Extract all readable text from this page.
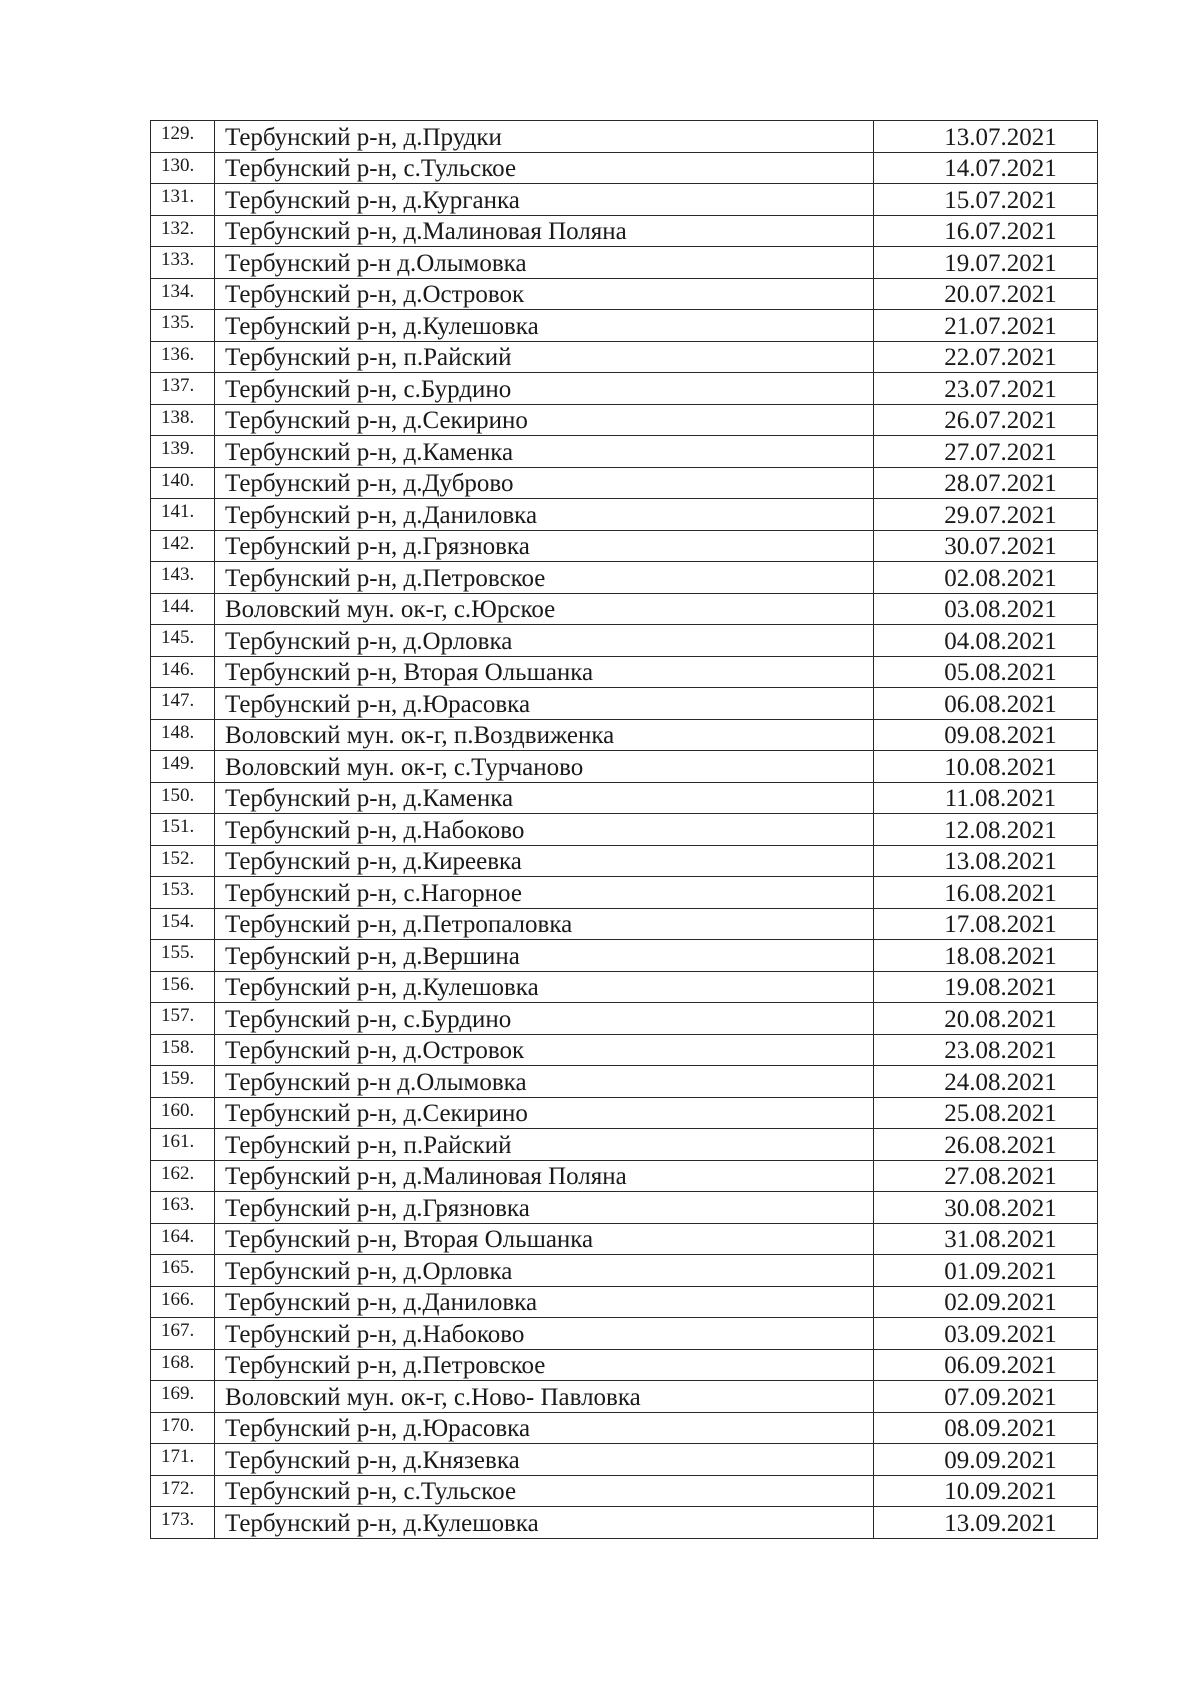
129.	Тербунский р-н, д.Прудки	13.07.2021
130.	Тербунский р-н, с.Тульское	14.07.2021
131.	Тербунский р-н, д.Курганка	15.07.2021
132.	Тербунский р-н, д.Малиновая Поляна	16.07.2021
133.	Тербунский р-н д.Олымовка	19.07.2021
134.	Тербунский р-н, д.Островок	20.07.2021
135.	Тербунский р-н, д.Кулешовка	21.07.2021
136.	Тербунский р-н, п.Райский	22.07.2021
137.	Тербунский р-н, с.Бурдино	23.07.2021
138.	Тербунский р-н, д.Секирино	26.07.2021
139.	Тербунский р-н, д.Каменка	27.07.2021
140.	Тербунский р-н, д.Дуброво	28.07.2021
141.	Тербунский р-н, д.Даниловка	29.07.2021
142.	Тербунский р-н, д.Грязновка	30.07.2021
143.	Тербунский р-н, д.Петровское	02.08.2021
144.	Воловский мун. ок-г, с.Юрское	03.08.2021
145.	Тербунский р-н, д.Орловка	04.08.2021
146.	Тербунский р-н, Вторая Ольшанка	05.08.2021
147.	Тербунский р-н, д.Юрасовка	06.08.2021
148.	Воловский мун. ок-г, п.Воздвиженка	09.08.2021
149.	Воловский мун. ок-г, с.Турчаново	10.08.2021
150.	Тербунский р-н, д.Каменка	11.08.2021
151.	Тербунский р-н, д.Набоково	12.08.2021
152.	Тербунский р-н, д.Киреевка	13.08.2021
153.	Тербунский р-н, с.Нагорное	16.08.2021
154.	Тербунский р-н, д.Петропаловка	17.08.2021
155.	Тербунский р-н, д.Вершина	18.08.2021
156.	Тербунский р-н, д.Кулешовка	19.08.2021
157.	Тербунский р-н, с.Бурдино	20.08.2021
158.	Тербунский р-н, д.Островок	23.08.2021
159.	Тербунский р-н д.Олымовка	24.08.2021
160.	Тербунский р-н, д.Секирино	25.08.2021
161.	Тербунский р-н, п.Райский	26.08.2021
162.	Тербунский р-н, д.Малиновая Поляна	27.08.2021
163.	Тербунский р-н, д.Грязновка	30.08.2021
164.	Тербунский р-н, Вторая Ольшанка	31.08.2021
165.	Тербунский р-н, д.Орловка	01.09.2021
166.	Тербунский р-н, д.Даниловка	02.09.2021
167.	Тербунский р-н, д.Набоково	03.09.2021
168.	Тербунский р-н, д.Петровское	06.09.2021
169.	Воловский мун. ок-г, с.Ново- Павловка	07.09.2021
170.	Тербунский р-н, д.Юрасовка	08.09.2021
171.	Тербунский р-н, д.Князевка	09.09.2021
172.	Тербунский р-н, с.Тульское	10.09.2021
173.	Тербунский р-н, д.Кулешовка	13.09.2021
